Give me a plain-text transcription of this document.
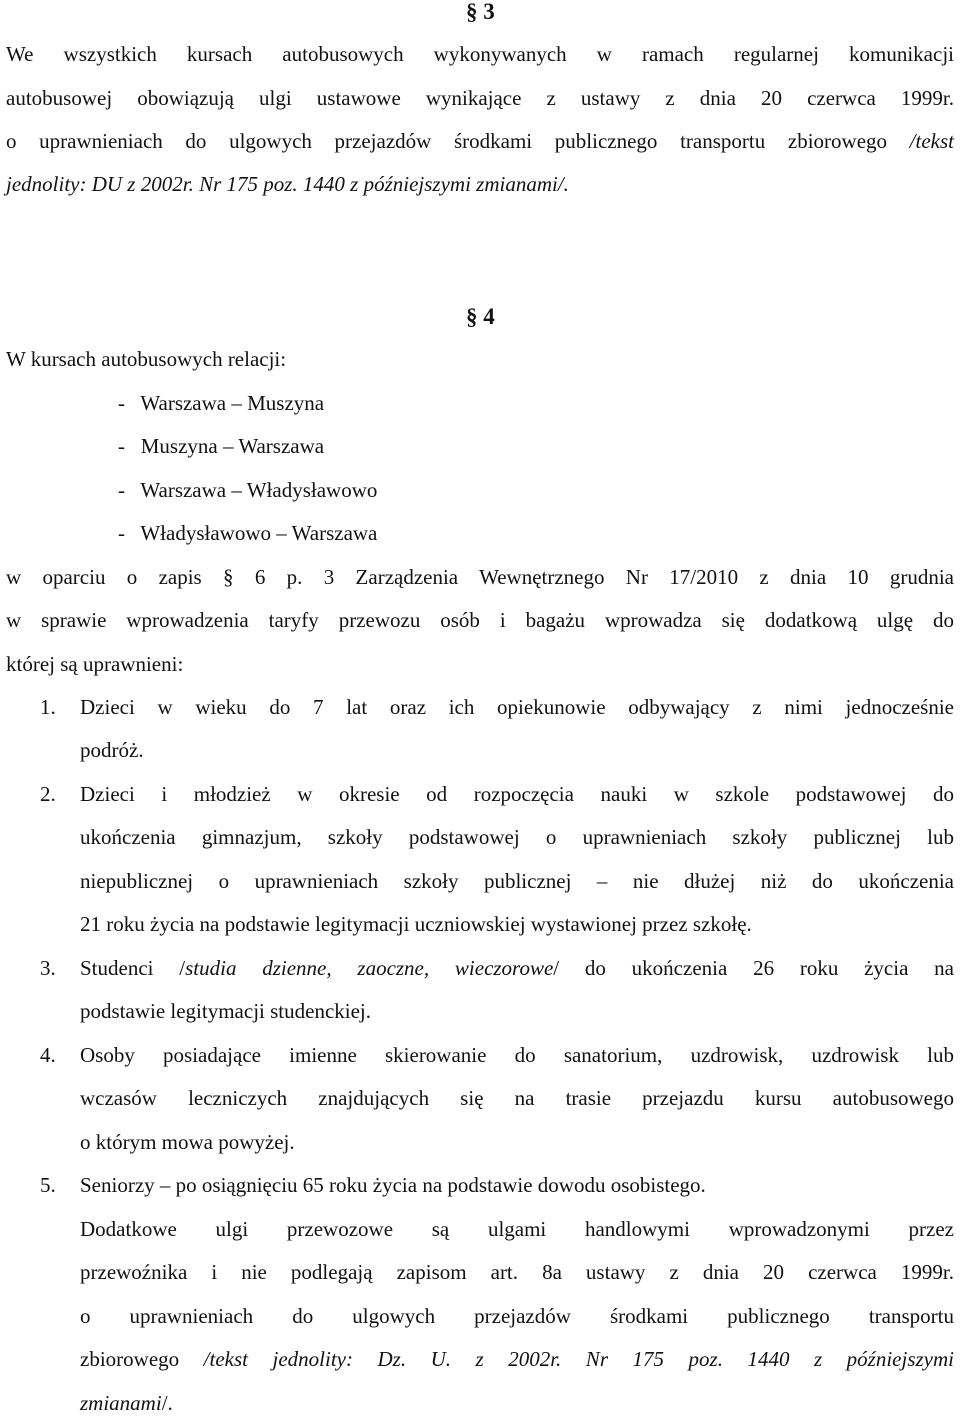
§ 3
We wszystkich kursach autobusowych wykonywanych w ramach regularnej komunikacji
autobusowej obowiązują ulgi ustawowe wynikające z ustawy z dnia 20 czerwca 1999r.
o uprawnieniach do ulgowych przejazdów środkami publicznego transportu zbiorowego /tekst
jednolity: DU z 2002r. Nr 175 poz. 1440 z późniejszymi zmianami/.
§ 4
W kursach autobusowych relacji:
-   Warszawa – Muszyna
-   Muszyna – Warszawa
-   Warszawa – Władysławowo
-   Władysławowo – Warszawa
w oparciu o zapis § 6 p. 3 Zarządzenia Wewnętrznego Nr 17/2010 z dnia 10 grudnia
w sprawie wprowadzenia taryfy przewozu osób i bagażu wprowadza się dodatkową ulgę do
której są uprawnieni:
1. Dzieci w wieku do 7 lat oraz ich opiekunowie odbywający z nimi jednocześnie
podróż.
2. Dzieci i młodzież w okresie od rozpoczęcia nauki w szkole podstawowej do
ukończenia gimnazjum, szkoły podstawowej o uprawnieniach szkoły publicznej lub
niepublicznej o uprawnieniach szkoły publicznej – nie dłużej niż do ukończenia
21 roku życia na podstawie legitymacji uczniowskiej wystawionej przez szkołę.
3. Studenci /studia dzienne, zaoczne, wieczorowe/ do ukończenia 26 roku życia na
podstawie legitymacji studenckiej.
4. Osoby posiadające imienne skierowanie do sanatorium, uzdrowisk, uzdrowisk lub
wczasów leczniczych znajdujących się na trasie przejazdu kursu autobusowego
o którym mowa powyżej.
5. Seniorzy – po osiągnięciu 65 roku życia na podstawie dowodu osobistego.
Dodatkowe ulgi przewozowe są ulgami handlowymi wprowadzonymi przez
przewoźnika i nie podlegają zapisom art. 8a ustawy z dnia 20 czerwca 1999r.
o uprawnieniach do ulgowych przejazdów środkami publicznego transportu
zbiorowego /tekst jednolity: Dz. U. z 2002r. Nr 175 poz. 1440 z późniejszymi
zmianami/.
